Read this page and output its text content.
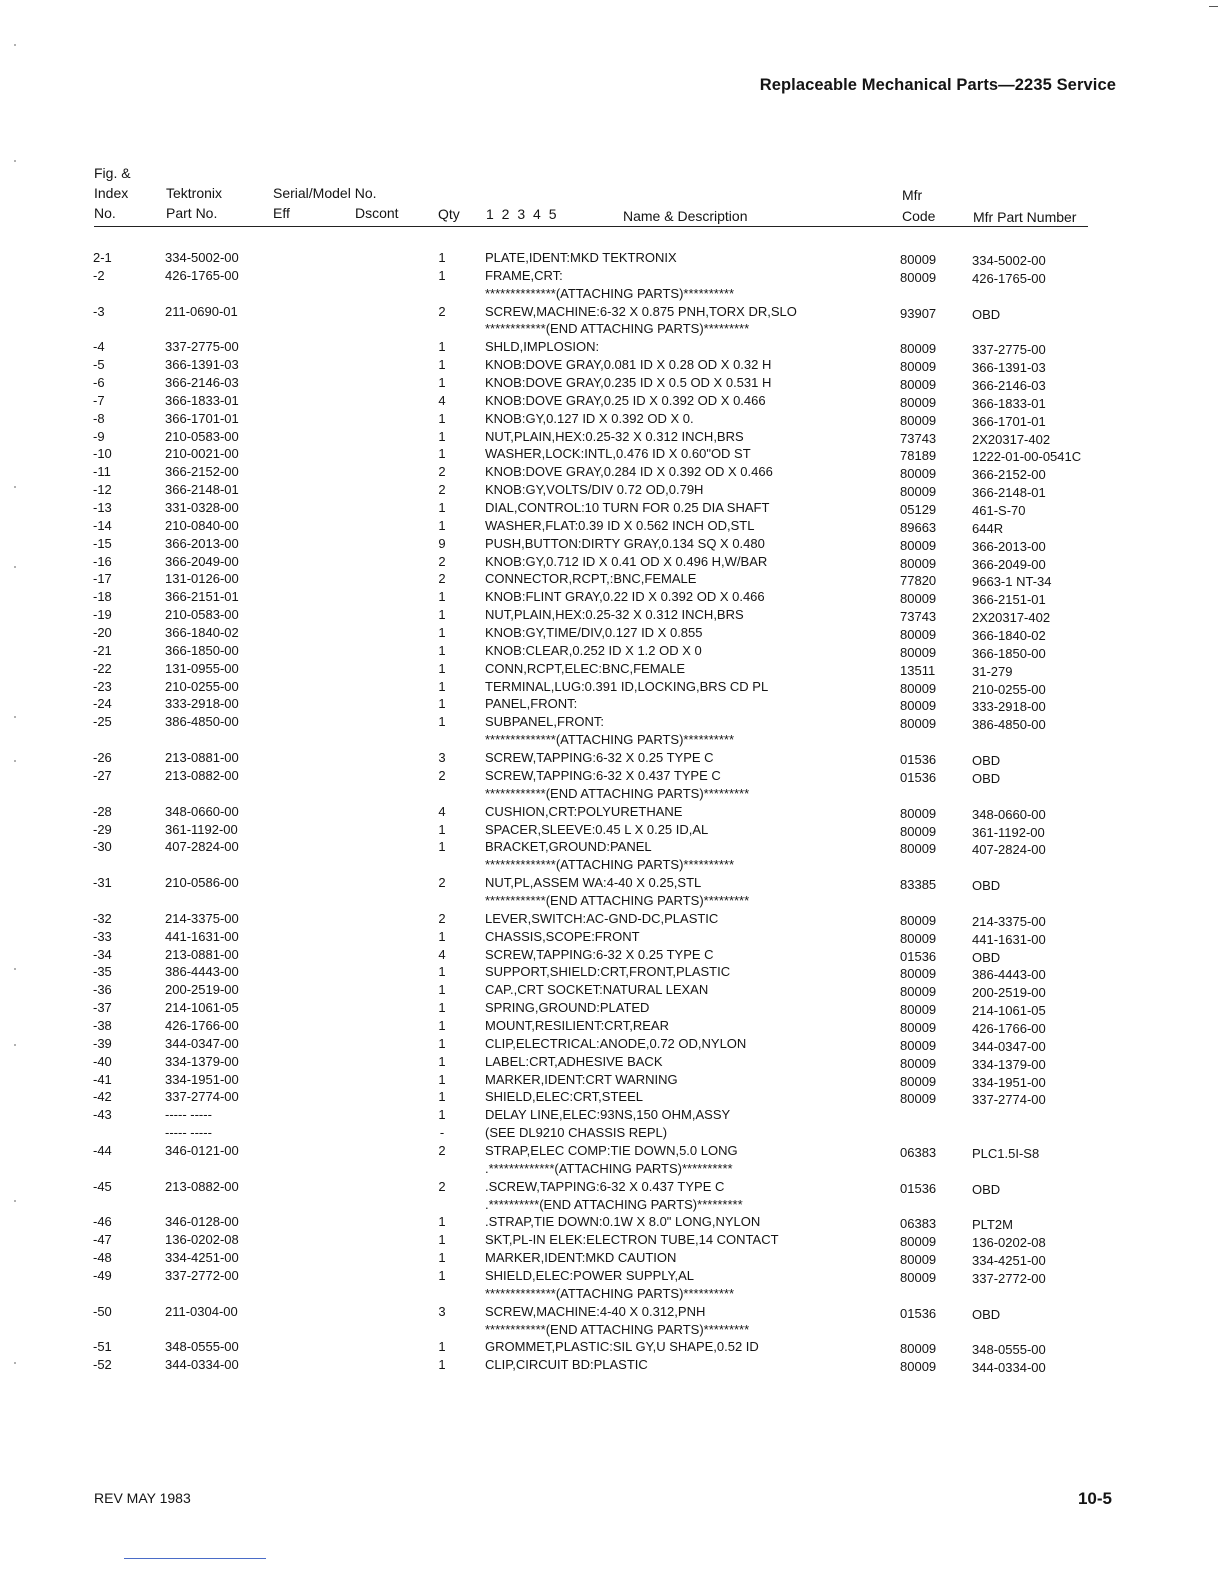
Replaceable Mechanical Parts—2235 Service
Fig. &
Index
No.
Tektronix
Part No.
Serial/Model No.
Eff	Dscont	Qty 1 2 3 4 5	Name & Description
Mfr
Code	Mfr Part Number
2-1	334-5002-00	1	PLATE,IDENT:MKD TEKTRONIX	80009	334-5002-00
-2	426-1765-00	1	FRAME,CRT:	80009	426-1765-00
**************(ATTACHING PARTS)**********
-3	211-0690-01	2	SCREW,MACHINE:6-32 X 0.875 PNH,TORX DR,SLO	93907	OBD
************(END ATTACHING PARTS)*********
-4	337-2775-00	1	SHLD,IMPLOSION:	80009	337-2775-00
-5	366-1391-03	1	KNOB:DOVE GRAY,0.081 ID X 0.28 OD X 0.32 H	80009	366-1391-03
-6	366-2146-03	1	KNOB:DOVE GRAY,0.235 ID X 0.5 OD X 0.531 H	80009	366-2146-03
-7	366-1833-01	4	KNOB:DOVE GRAY,0.25 ID X 0.392 OD X 0.466	80009	366-1833-01
-8	366-1701-01	1	KNOB:GY,0.127 ID X 0.392 OD X 0.	80009	366-1701-01
-9	210-0583-00	1	NUT,PLAIN,HEX:0.25-32 X 0.312 INCH,BRS	73743	2X20317-402
-10	210-0021-00	1	WASHER,LOCK:INTL,0.476 ID X 0.60"OD ST	78189	1222-01-00-0541C
-11	366-2152-00	2	KNOB:DOVE GRAY,0.284 ID X 0.392 OD X 0.466	80009	366-2152-00
-12	366-2148-01	2	KNOB:GY,VOLTS/DIV 0.72 OD,0.79H	80009	366-2148-01
-13	331-0328-00	1	DIAL,CONTROL:10 TURN FOR 0.25 DIA SHAFT	05129	461-S-70
-14	210-0840-00	1	WASHER,FLAT:0.39 ID X 0.562 INCH OD,STL	89663	644R
-15	366-2013-00	9	PUSH,BUTTON:DIRTY GRAY,0.134 SQ X 0.480	80009	366-2013-00
-16	366-2049-00	2	KNOB:GY,0.712 ID X 0.41 OD X 0.496 H,W/BAR	80009	366-2049-00
-17	131-0126-00	2	CONNECTOR,RCPT,:BNC,FEMALE	77820	9663-1 NT-34
-18	366-2151-01	1	KNOB:FLINT GRAY,0.22 ID X 0.392 OD X 0.466	80009	366-2151-01
-19	210-0583-00	1	NUT,PLAIN,HEX:0.25-32 X 0.312 INCH,BRS	73743	2X20317-402
-20	366-1840-02	1	KNOB:GY,TIME/DIV,0.127 ID X 0.855	80009	366-1840-02
-21	366-1850-00	1	KNOB:CLEAR,0.252 ID X 1.2 OD X 0	80009	366-1850-00
-22	131-0955-00	1	CONN,RCPT,ELEC:BNC,FEMALE	13511	31-279
-23	210-0255-00	1	TERMINAL,LUG:0.391 ID,LOCKING,BRS CD PL	80009	210-0255-00
-24	333-2918-00	1	PANEL,FRONT:	80009	333-2918-00
-25	386-4850-00	1	SUBPANEL,FRONT:	80009	386-4850-00
**************(ATTACHING PARTS)**********
-26	213-0881-00	3	SCREW,TAPPING:6-32 X 0.25 TYPE C	01536	OBD
-27	213-0882-00	2	SCREW,TAPPING:6-32 X 0.437 TYPE C	01536	OBD
************(END ATTACHING PARTS)*********
-28	348-0660-00	4	CUSHION,CRT:POLYURETHANE	80009	348-0660-00
-29	361-1192-00	1	SPACER,SLEEVE:0.45 L X 0.25 ID,AL	80009	361-1192-00
-30	407-2824-00	1	BRACKET,GROUND:PANEL	80009	407-2824-00
**************(ATTACHING PARTS)**********
-31	210-0586-00	2	NUT,PL,ASSEM WA:4-40 X 0.25,STL	83385	OBD
************(END ATTACHING PARTS)*********
-32	214-3375-00	2	LEVER,SWITCH:AC-GND-DC,PLASTIC	80009	214-3375-00
-33	441-1631-00	1	CHASSIS,SCOPE:FRONT	80009	441-1631-00
-34	213-0881-00	4	SCREW,TAPPING:6-32 X 0.25 TYPE C	01536	OBD
-35	386-4443-00	1	SUPPORT,SHIELD:CRT,FRONT,PLASTIC	80009	386-4443-00
-36	200-2519-00	1	CAP.,CRT SOCKET:NATURAL LEXAN	80009	200-2519-00
-37	214-1061-05	1	SPRING,GROUND:PLATED	80009	214-1061-05
-38	426-1766-00	1	MOUNT,RESILIENT:CRT,REAR	80009	426-1766-00
-39	344-0347-00	1	CLIP,ELECTRICAL:ANODE,0.72 OD,NYLON	80009	344-0347-00
-40	334-1379-00	1	LABEL:CRT,ADHESIVE BACK	80009	334-1379-00
-41	334-1951-00	1	MARKER,IDENT:CRT WARNING	80009	334-1951-00
-42	337-2774-00	1	SHIELD,ELEC:CRT,STEEL	80009	337-2774-00
-43	----- -----	1	DELAY LINE,ELEC:93NS,150 OHM,ASSY
----- -----	-	(SEE DL9210 CHASSIS REPL)
-44	346-0121-00	2	STRAP,ELEC COMP:TIE DOWN,5.0 LONG	06383	PLC1.5I-S8
.*************(ATTACHING PARTS)**********
-45	213-0882-00	2	.SCREW,TAPPING:6-32 X 0.437 TYPE C	01536	OBD
.**********(END ATTACHING PARTS)*********
-46	346-0128-00	1	.STRAP,TIE DOWN:0.1W X 8.0" LONG,NYLON	06383	PLT2M
-47	136-0202-08	1	SKT,PL-IN ELEK:ELECTRON TUBE,14 CONTACT	80009	136-0202-08
-48	334-4251-00	1	MARKER,IDENT:MKD CAUTION	80009	334-4251-00
-49	337-2772-00	1	SHIELD,ELEC:POWER SUPPLY,AL	80009	337-2772-00
**************(ATTACHING PARTS)**********
-50	211-0304-00	3	SCREW,MACHINE:4-40 X 0.312,PNH	01536	OBD
************(END ATTACHING PARTS)*********
-51	348-0555-00	1	GROMMET,PLASTIC:SIL GY,U SHAPE,0.52 ID	80009	348-0555-00
-52	344-0334-00	1	CLIP,CIRCUIT BD:PLASTIC	80009	344-0334-00
REV MAY 1983	10-5
